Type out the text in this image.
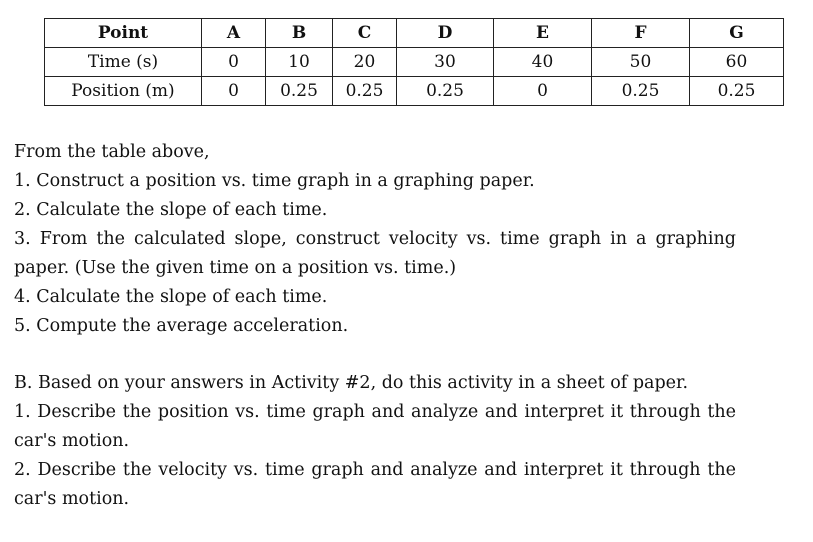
Point	A	B	C	D	E	F	G
Time (s)	0	10	20	30	40	50	60
Position (m)	0	0.25	0.25	0.25	0	0.25	0.25

From the table above,

1. Construct a position vs. time graph in a graphing paper.

2. Calculate the slope of each time.

3. From the calculated slope, construct velocity vs. time graph in a graphing paper. (Use the given time on a position vs. time.)

4. Calculate the slope of each time.

5. Compute the average acceleration.

B. Based on your answers in Activity #2, do this activity in a sheet of paper.

1. Describe the position vs. time graph and analyze and interpret it through the car's motion.

2. Describe the velocity vs. time graph and analyze and interpret it through the car's motion.
